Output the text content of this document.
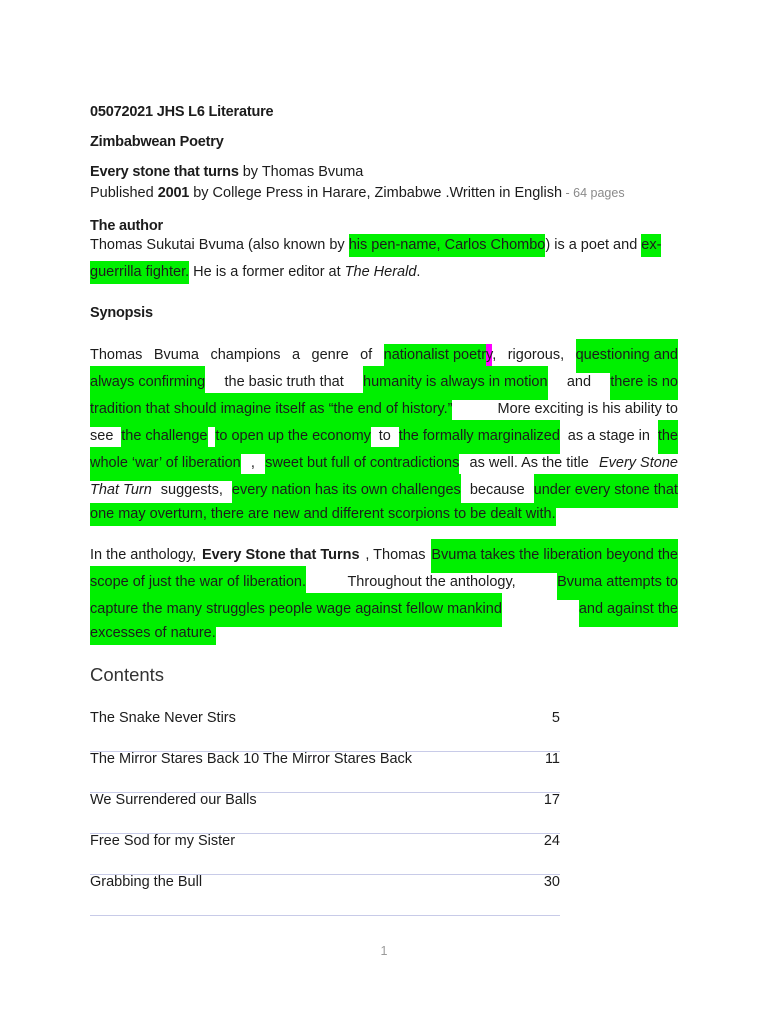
05072021 JHS L6 Literature
Zimbabwean Poetry
Every stone that turns by Thomas Bvuma
Published 2001 by College Press in Harare, Zimbabwe .Written in English - 64 pages
The author
Thomas Sukutai Bvuma (also known by his pen-name, Carlos Chombo) is a poet and ex-
guerrilla fighter. He is a former editor at The Herald.
Synopsis
Thomas Bvuma champions a genre of nationalist poetry, rigorous, questioning and
always confirming the basic truth that humanity is always in motion and there is no
tradition that should imagine itself as “the end of history.”	More exciting is his ability to
see the challenge to open up the economy to the formally marginalized as a stage in the
whole ‘war’ of liberation , sweet but full of contradictions as well. As the title Every Stone
That Turn suggests, every nation has its own challenges because under every stone that
one may overturn, there are new and different scorpions to be dealt with.
In the anthology, Every Stone that Turns , Thomas Bvuma takes the liberation beyond the
scope of just the war of liberation.	Throughout the anthology,	Bvuma attempts to
capture the many struggles people wage against fellow mankind	and against the
excesses of nature.
Contents
The Snake Never Stirs	5
The Mirror Stares Back 10 The Mirror Stares Back	11
We Surrendered our Balls	17
Free Sod for my Sister	24
Grabbing the Bull	30
1
